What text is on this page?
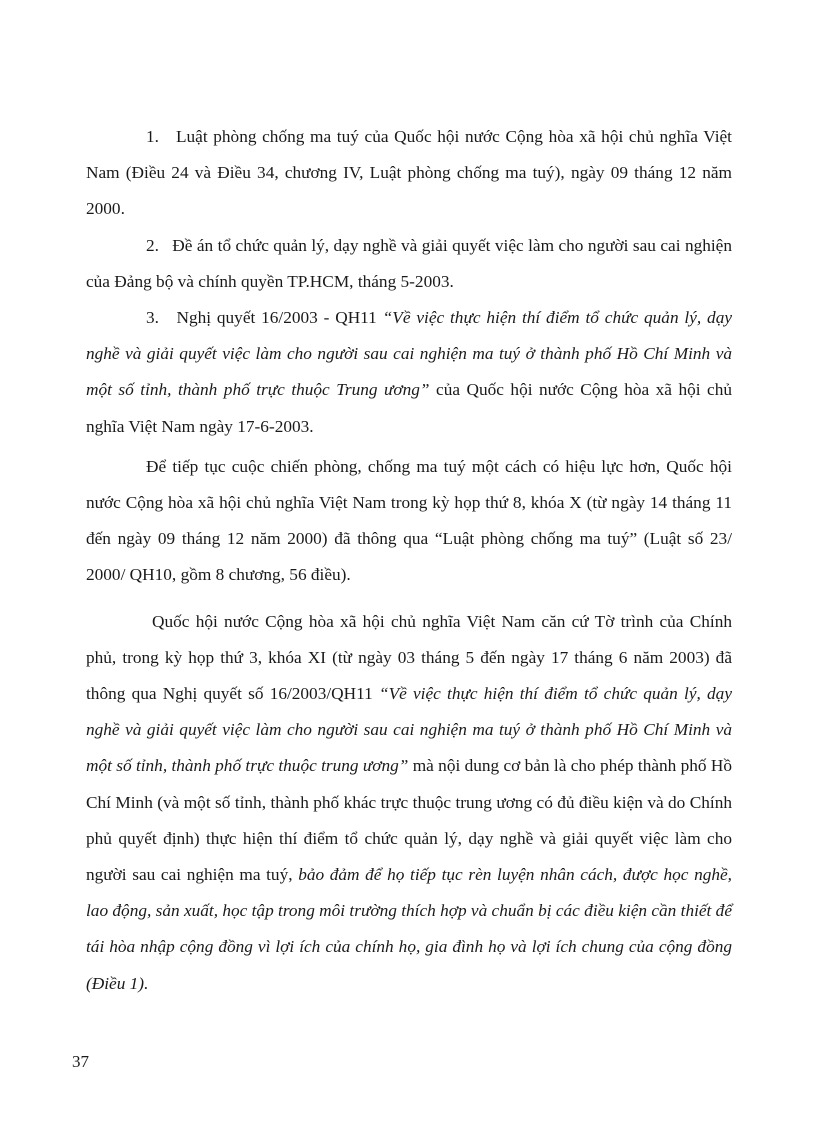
1. Luật phòng chống ma tuý của Quốc hội nước Cộng hòa xã hội chủ nghĩa Việt Nam (Điều 24 và Điều 34, chương IV, Luật phòng chống ma tuý), ngày 09 tháng 12 năm 2000.

2. Đề án tổ chức quản lý, dạy nghề và giải quyết việc làm cho người sau cai nghiện của Đảng bộ và chính quyền TP.HCM, tháng 5-2003.

3. Nghị quyết 16/2003 - QH11 “Về việc thực hiện thí điểm tổ chức quản lý, dạy nghề và giải quyết việc làm cho người sau cai nghiện ma tuý ở thành phố Hồ Chí Minh và một số tỉnh, thành phố trực thuộc Trung ương” của Quốc hội nước Cộng hòa xã hội chủ nghĩa Việt Nam ngày 17-6-2003.

Để tiếp tục cuộc chiến phòng, chống ma tuý một cách có hiệu lực hơn, Quốc hội nước Cộng hòa xã hội chủ nghĩa Việt Nam trong kỳ họp thứ 8, khóa X (từ ngày 14 tháng 11 đến ngày 09 tháng 12 năm 2000) đã thông qua “Luật phòng chống ma tuý” (Luật số 23/ 2000/ QH10, gồm 8 chương, 56 điều).

Quốc hội nước Cộng hòa xã hội chủ nghĩa Việt Nam căn cứ Tờ trình của Chính phủ, trong kỳ họp thứ 3, khóa XI (từ ngày 03 tháng 5 đến ngày 17 tháng 6 năm 2003) đã thông qua Nghị quyết số 16/2003/QH11 “Về việc thực hiện thí điểm tổ chức quản lý, dạy nghề và giải quyết việc làm cho người sau cai nghiện ma tuý ở thành phố Hồ Chí Minh và một số tỉnh, thành phố trực thuộc trung ương” mà nội dung cơ bản là cho phép thành phố Hồ Chí Minh (và một số tỉnh, thành phố khác trực thuộc trung ương có đủ điều kiện và do Chính phủ quyết định) thực hiện thí điểm tổ chức quản lý, dạy nghề và giải quyết việc làm cho người sau cai nghiện ma tuý, bảo đảm để họ tiếp tục rèn luyện nhân cách, được học nghề, lao động, sản xuất, học tập trong môi trường thích hợp và chuẩn bị các điều kiện cần thiết để tái hòa nhập cộng đồng vì lợi ích của chính họ, gia đình họ và lợi ích chung của cộng đồng (Điều 1).

37
